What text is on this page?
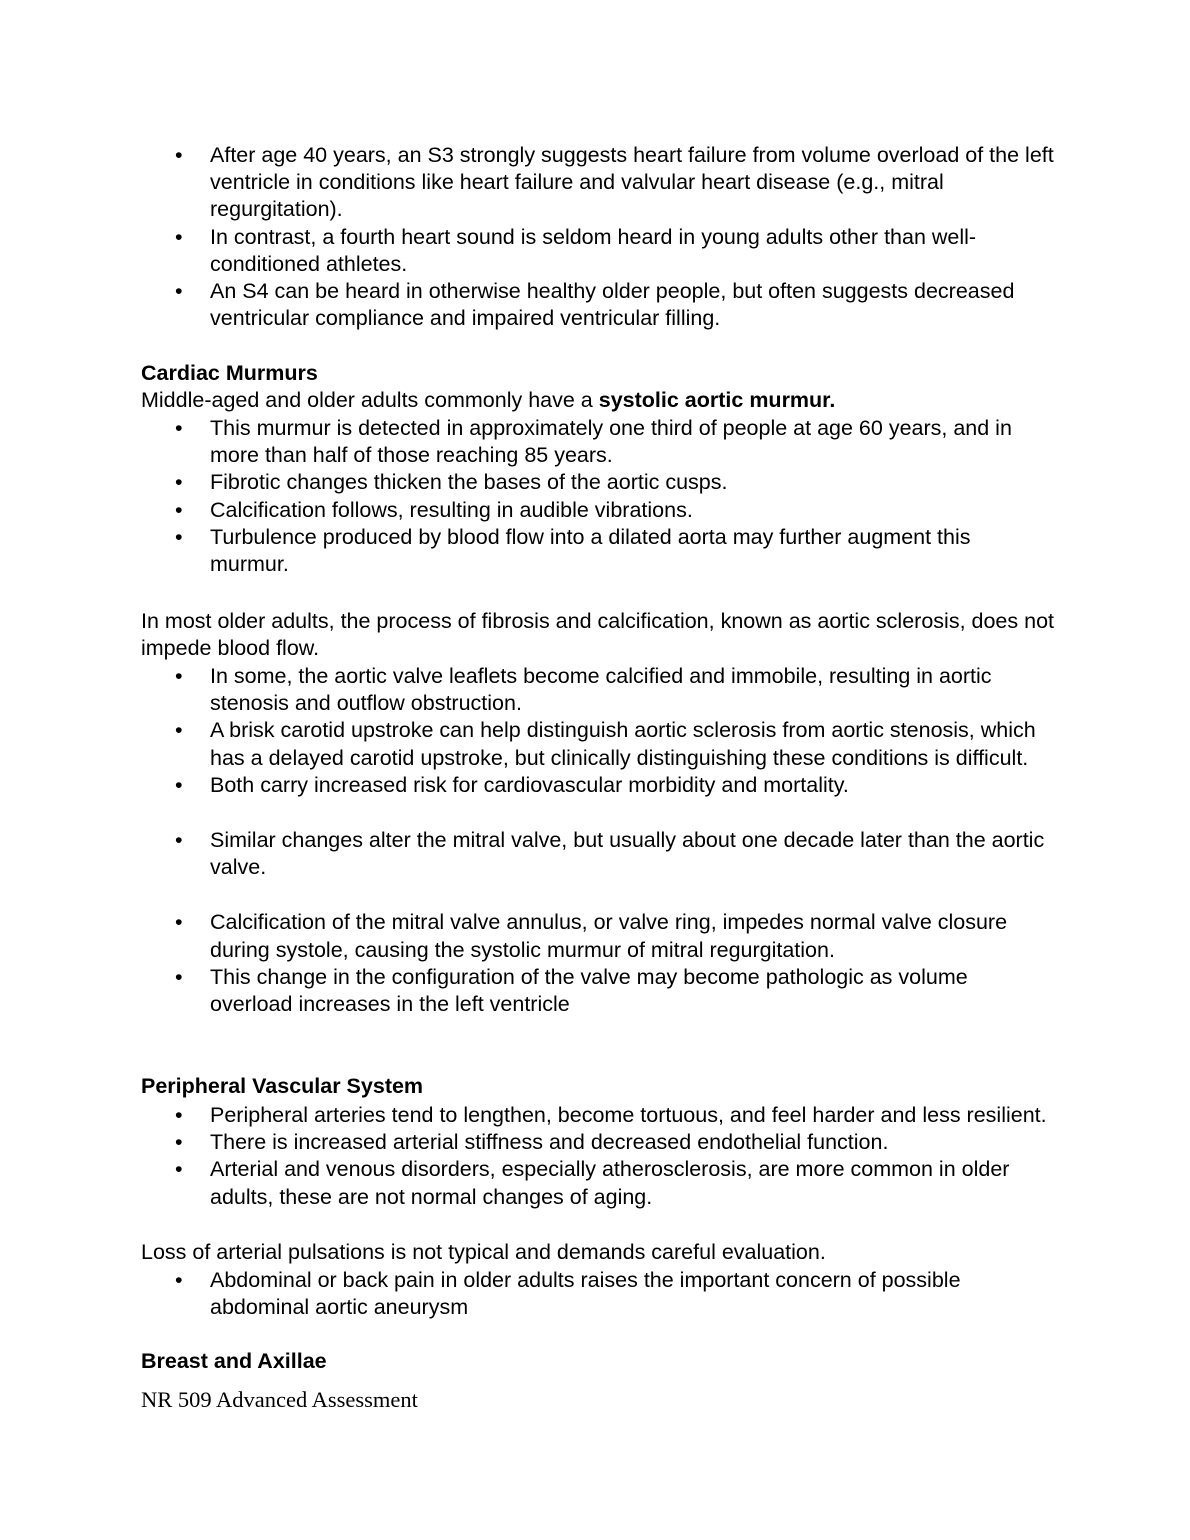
• After age 40 years, an S3 strongly suggests heart failure from volume overload of the left ventricle in conditions like heart failure and valvular heart disease (e.g., mitral regurgitation).
• In contrast, a fourth heart sound is seldom heard in young adults other than well-conditioned athletes.
• An S4 can be heard in otherwise healthy older people, but often suggests decreased ventricular compliance and impaired ventricular filling.

Cardiac Murmurs

Middle-aged and older adults commonly have a systolic aortic murmur.

• This murmur is detected in approximately one third of people at age 60 years, and in more than half of those reaching 85 years.
• Fibrotic changes thicken the bases of the aortic cusps.
• Calcification follows, resulting in audible vibrations.
• Turbulence produced by blood flow into a dilated aorta may further augment this murmur.

In most older adults, the process of fibrosis and calcification, known as aortic sclerosis, does not impede blood flow.

• In some, the aortic valve leaflets become calcified and immobile, resulting in aortic stenosis and outflow obstruction.
• A brisk carotid upstroke can help distinguish aortic sclerosis from aortic stenosis, which has a delayed carotid upstroke, but clinically distinguishing these conditions is difficult.
• Both carry increased risk for cardiovascular morbidity and mortality.
• Similar changes alter the mitral valve, but usually about one decade later than the aortic valve.
• Calcification of the mitral valve annulus, or valve ring, impedes normal valve closure during systole, causing the systolic murmur of mitral regurgitation.
• This change in the configuration of the valve may become pathologic as volume overload increases in the left ventricle

Peripheral Vascular System

• Peripheral arteries tend to lengthen, become tortuous, and feel harder and less resilient.
• There is increased arterial stiffness and decreased endothelial function.
• Arterial and venous disorders, especially atherosclerosis, are more common in older adults, these are not normal changes of aging.

Loss of arterial pulsations is not typical and demands careful evaluation.

• Abdominal or back pain in older adults raises the important concern of possible abdominal aortic aneurysm

Breast and Axillae

NR 509 Advanced Assessment
